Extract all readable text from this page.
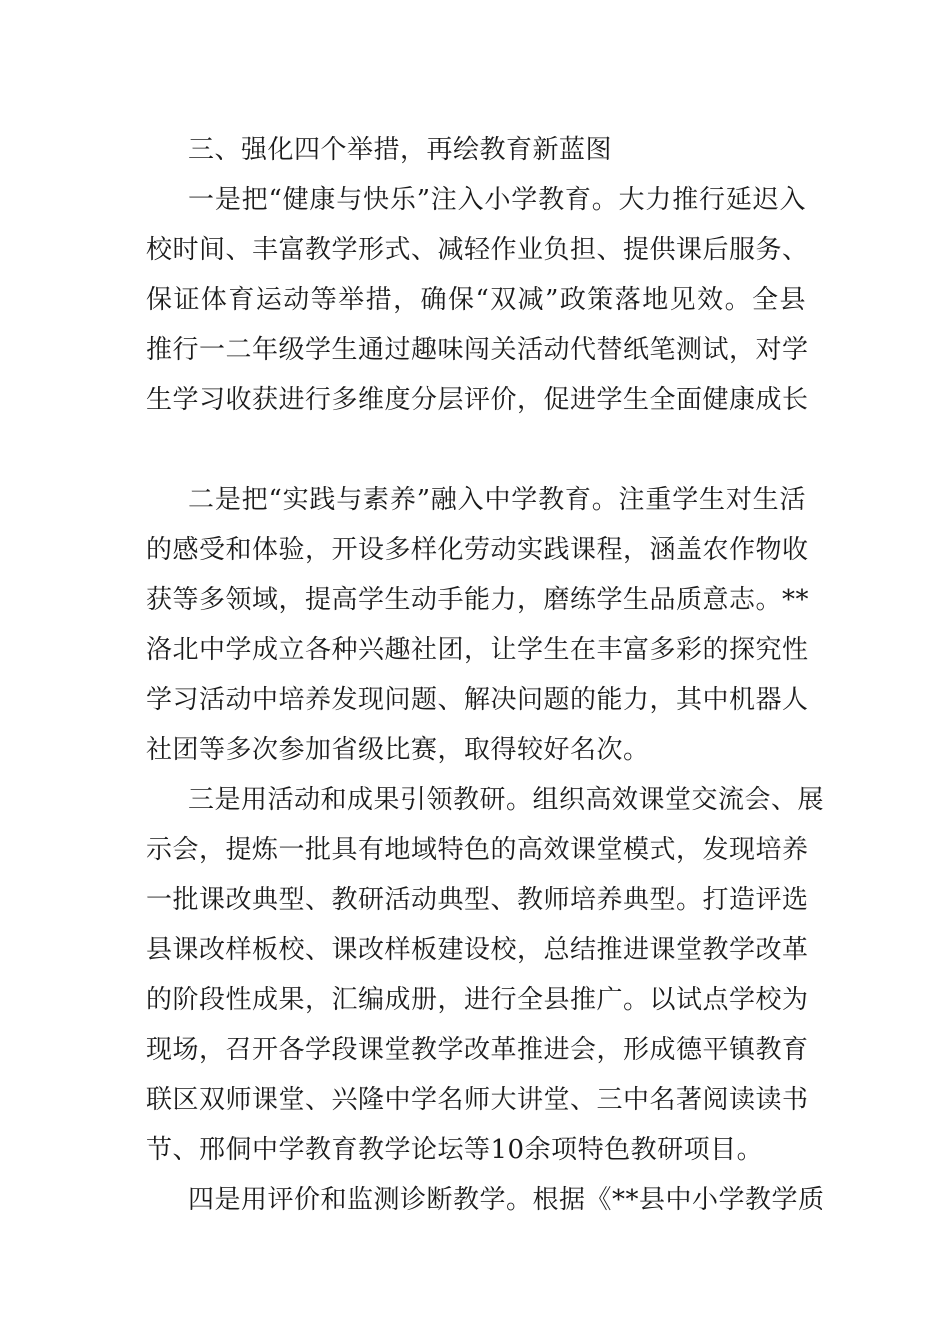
三、强化四个举措，再绘教育新蓝图
一是把“健康与快乐”注入小学教育。大力推行延迟入
校时间、丰富教学形式、减轻作业负担、提供课后服务、
保证体育运动等举措，确保“双减”政策落地见效。全县
推行一二年级学生通过趣味闯关活动代替纸笔测试，对学
生学习收获进行多维度分层评价，促进学生全面健康成长
二是把“实践与素养”融入中学教育。注重学生对生活
的感受和体验，开设多样化劳动实践课程，涵盖农作物收
获等多领域，提高学生动手能力，磨练学生品质意志。**
洛北中学成立各种兴趣社团，让学生在丰富多彩的探究性
学习活动中培养发现问题、解决问题的能力，其中机器人
社团等多次参加省级比赛，取得较好名次。
三是用活动和成果引领教研。组织高效课堂交流会、展
示会，提炼一批具有地域特色的高效课堂模式，发现培养
一批课改典型、教研活动典型、教师培养典型。打造评选
县课改样板校、课改样板建设校，总结推进课堂教学改革
的阶段性成果，汇编成册，进行全县推广。以试点学校为
现场，召开各学段课堂教学改革推进会，形成德平镇教育
联区双师课堂、兴隆中学名师大讲堂、三中名著阅读读书
节、邢侗中学教育教学论坛等10余项特色教研项目。
四是用评价和监测诊断教学。根据《**县中小学教学质
